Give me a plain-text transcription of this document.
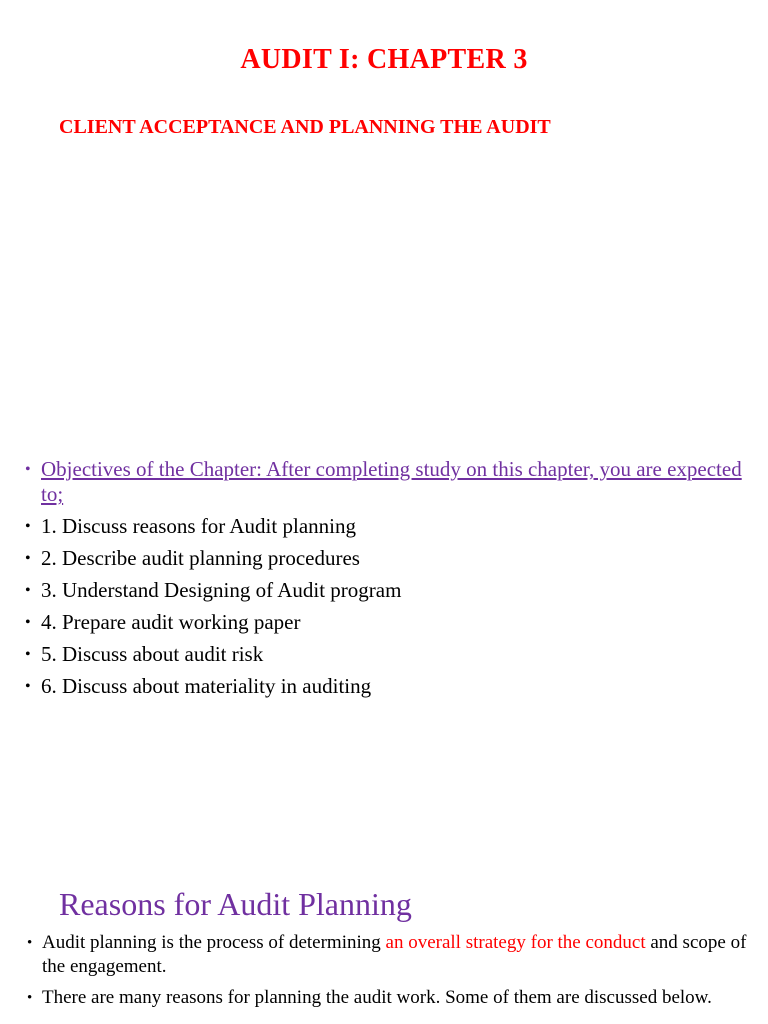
AUDIT I: CHAPTER 3
CLIENT ACCEPTANCE AND PLANNING THE AUDIT
• Objectives of the Chapter: After completing study on this chapter, you are expected to;
• 1. Discuss reasons for Audit planning
• 2. Describe audit planning procedures
• 3. Understand Designing of Audit program
• 4. Prepare audit working paper
• 5. Discuss about audit risk
• 6. Discuss about materiality in auditing
Reasons for Audit Planning
• Audit planning is the process of determining an overall strategy for the conduct and scope of the engagement.
• There are many reasons for planning the audit work. Some of them are discussed below.
